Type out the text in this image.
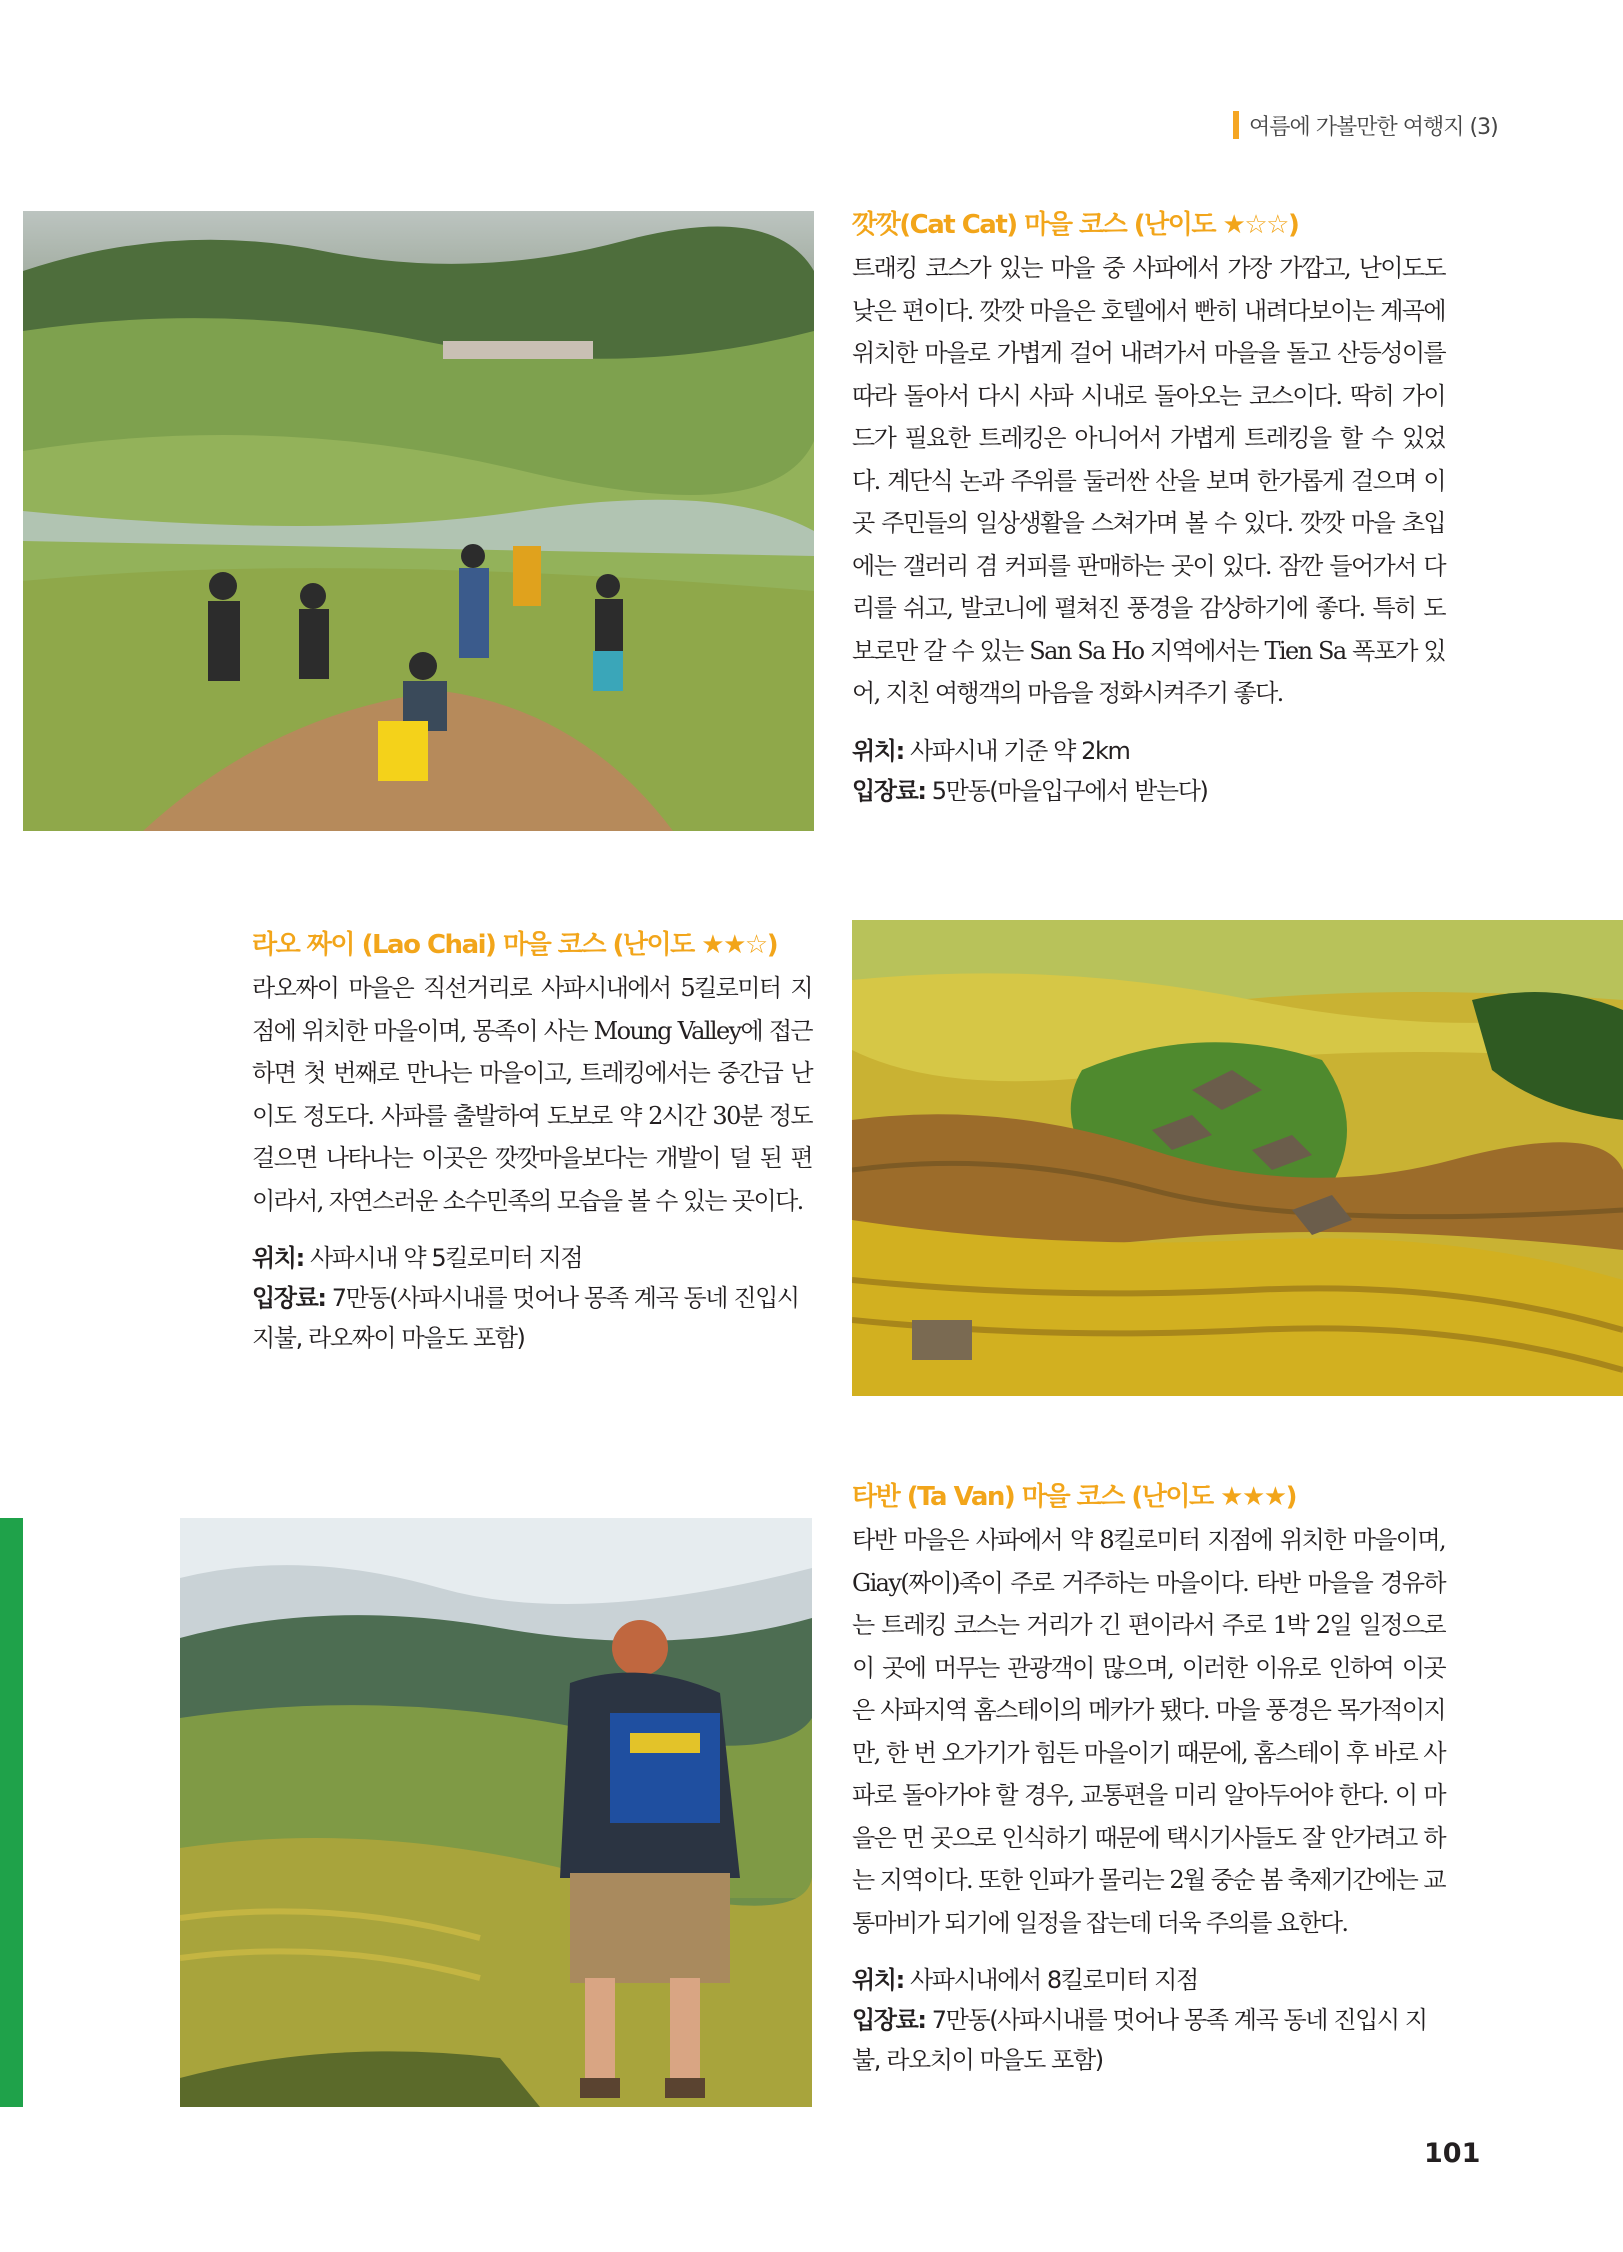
여름에 가볼만한 여행지 (3)
깟깟(Cat Cat) 마을 코스 (난이도 ★☆☆)

트래킹 코스가 있는 마을 중 사파에서 가장 가깝고, 난이도도 낮은 편이다. 깟깟 마을은 호텔에서 빤히 내려다보이는 계곡에 위치한 마을로 가볍게 걸어 내려가서 마을을 돌고 산등성이를 따라 돌아서 다시 사파 시내로 돌아오는 코스이다. 딱히 가이드가 필요한 트레킹은 아니어서 가볍게 트레킹을 할 수 있었다. 계단식 논과 주위를 둘러싼 산을 보며 한가롭게 걸으며 이곳 주민들의 일상생활을 스쳐가며 볼 수 있다. 깟깟 마을 초입에는 갤러리 겸 커피를 판매하는 곳이 있다. 잠깐 들어가서 다리를 쉬고, 발코니에 펼쳐진 풍경을 감상하기에 좋다. 특히 도보로만 갈 수 있는 San Sa Ho 지역에서는 Tien Sa 폭포가 있어, 지친 여행객의 마음을 정화시켜주기 좋다.

위치: 사파시내 기준 약 2km
입장료: 5만동(마을입구에서 받는다)
라오 짜이 (Lao Chai) 마을 코스 (난이도 ★★☆)

라오짜이 마을은 직선거리로 사파시내에서 5킬로미터 지점에 위치한 마을이며, 몽족이 사는 Moung Valley에 접근하면 첫 번째로 만나는 마을이고, 트레킹에서는 중간급 난이도 정도다. 사파를 출발하여 도보로 약 2시간 30분 정도 걸으면 나타나는 이곳은 깟깟마을보다는 개발이 덜 된 편이라서, 자연스러운 소수민족의 모습을 볼 수 있는 곳이다.

위치: 사파시내 약 5킬로미터 지점
입장료: 7만동(사파시내를 멋어나 몽족 계곡 동네 진입시 지불, 라오짜이 마을도 포함)
타반 (Ta Van) 마을 코스 (난이도 ★★★)

타반 마을은 사파에서 약 8킬로미터 지점에 위치한 마을이며, Giay(짜이)족이 주로 거주하는 마을이다. 타반 마을을 경유하는 트레킹 코스는 거리가 긴 편이라서 주로 1박 2일 일정으로 이 곳에 머무는 관광객이 많으며, 이러한 이유로 인하여 이곳은 사파지역 홈스테이의 메카가 됐다. 마을 풍경은 목가적이지만, 한 번 오가기가 힘든 마을이기 때문에, 홈스테이 후 바로 사파로 돌아가야 할 경우, 교통편을 미리 알아두어야 한다. 이 마을은 먼 곳으로 인식하기 때문에 택시기사들도 잘 안가려고 하는 지역이다. 또한 인파가 몰리는 2월 중순 봄 축제기간에는 교통마비가 되기에 일정을 잡는데 더욱 주의를 요한다.

위치: 사파시내에서 8킬로미터 지점
입장료: 7만동(사파시내를 멋어나 몽족 계곡 동네 진입시 지불, 라오치이 마을도 포함)
101
